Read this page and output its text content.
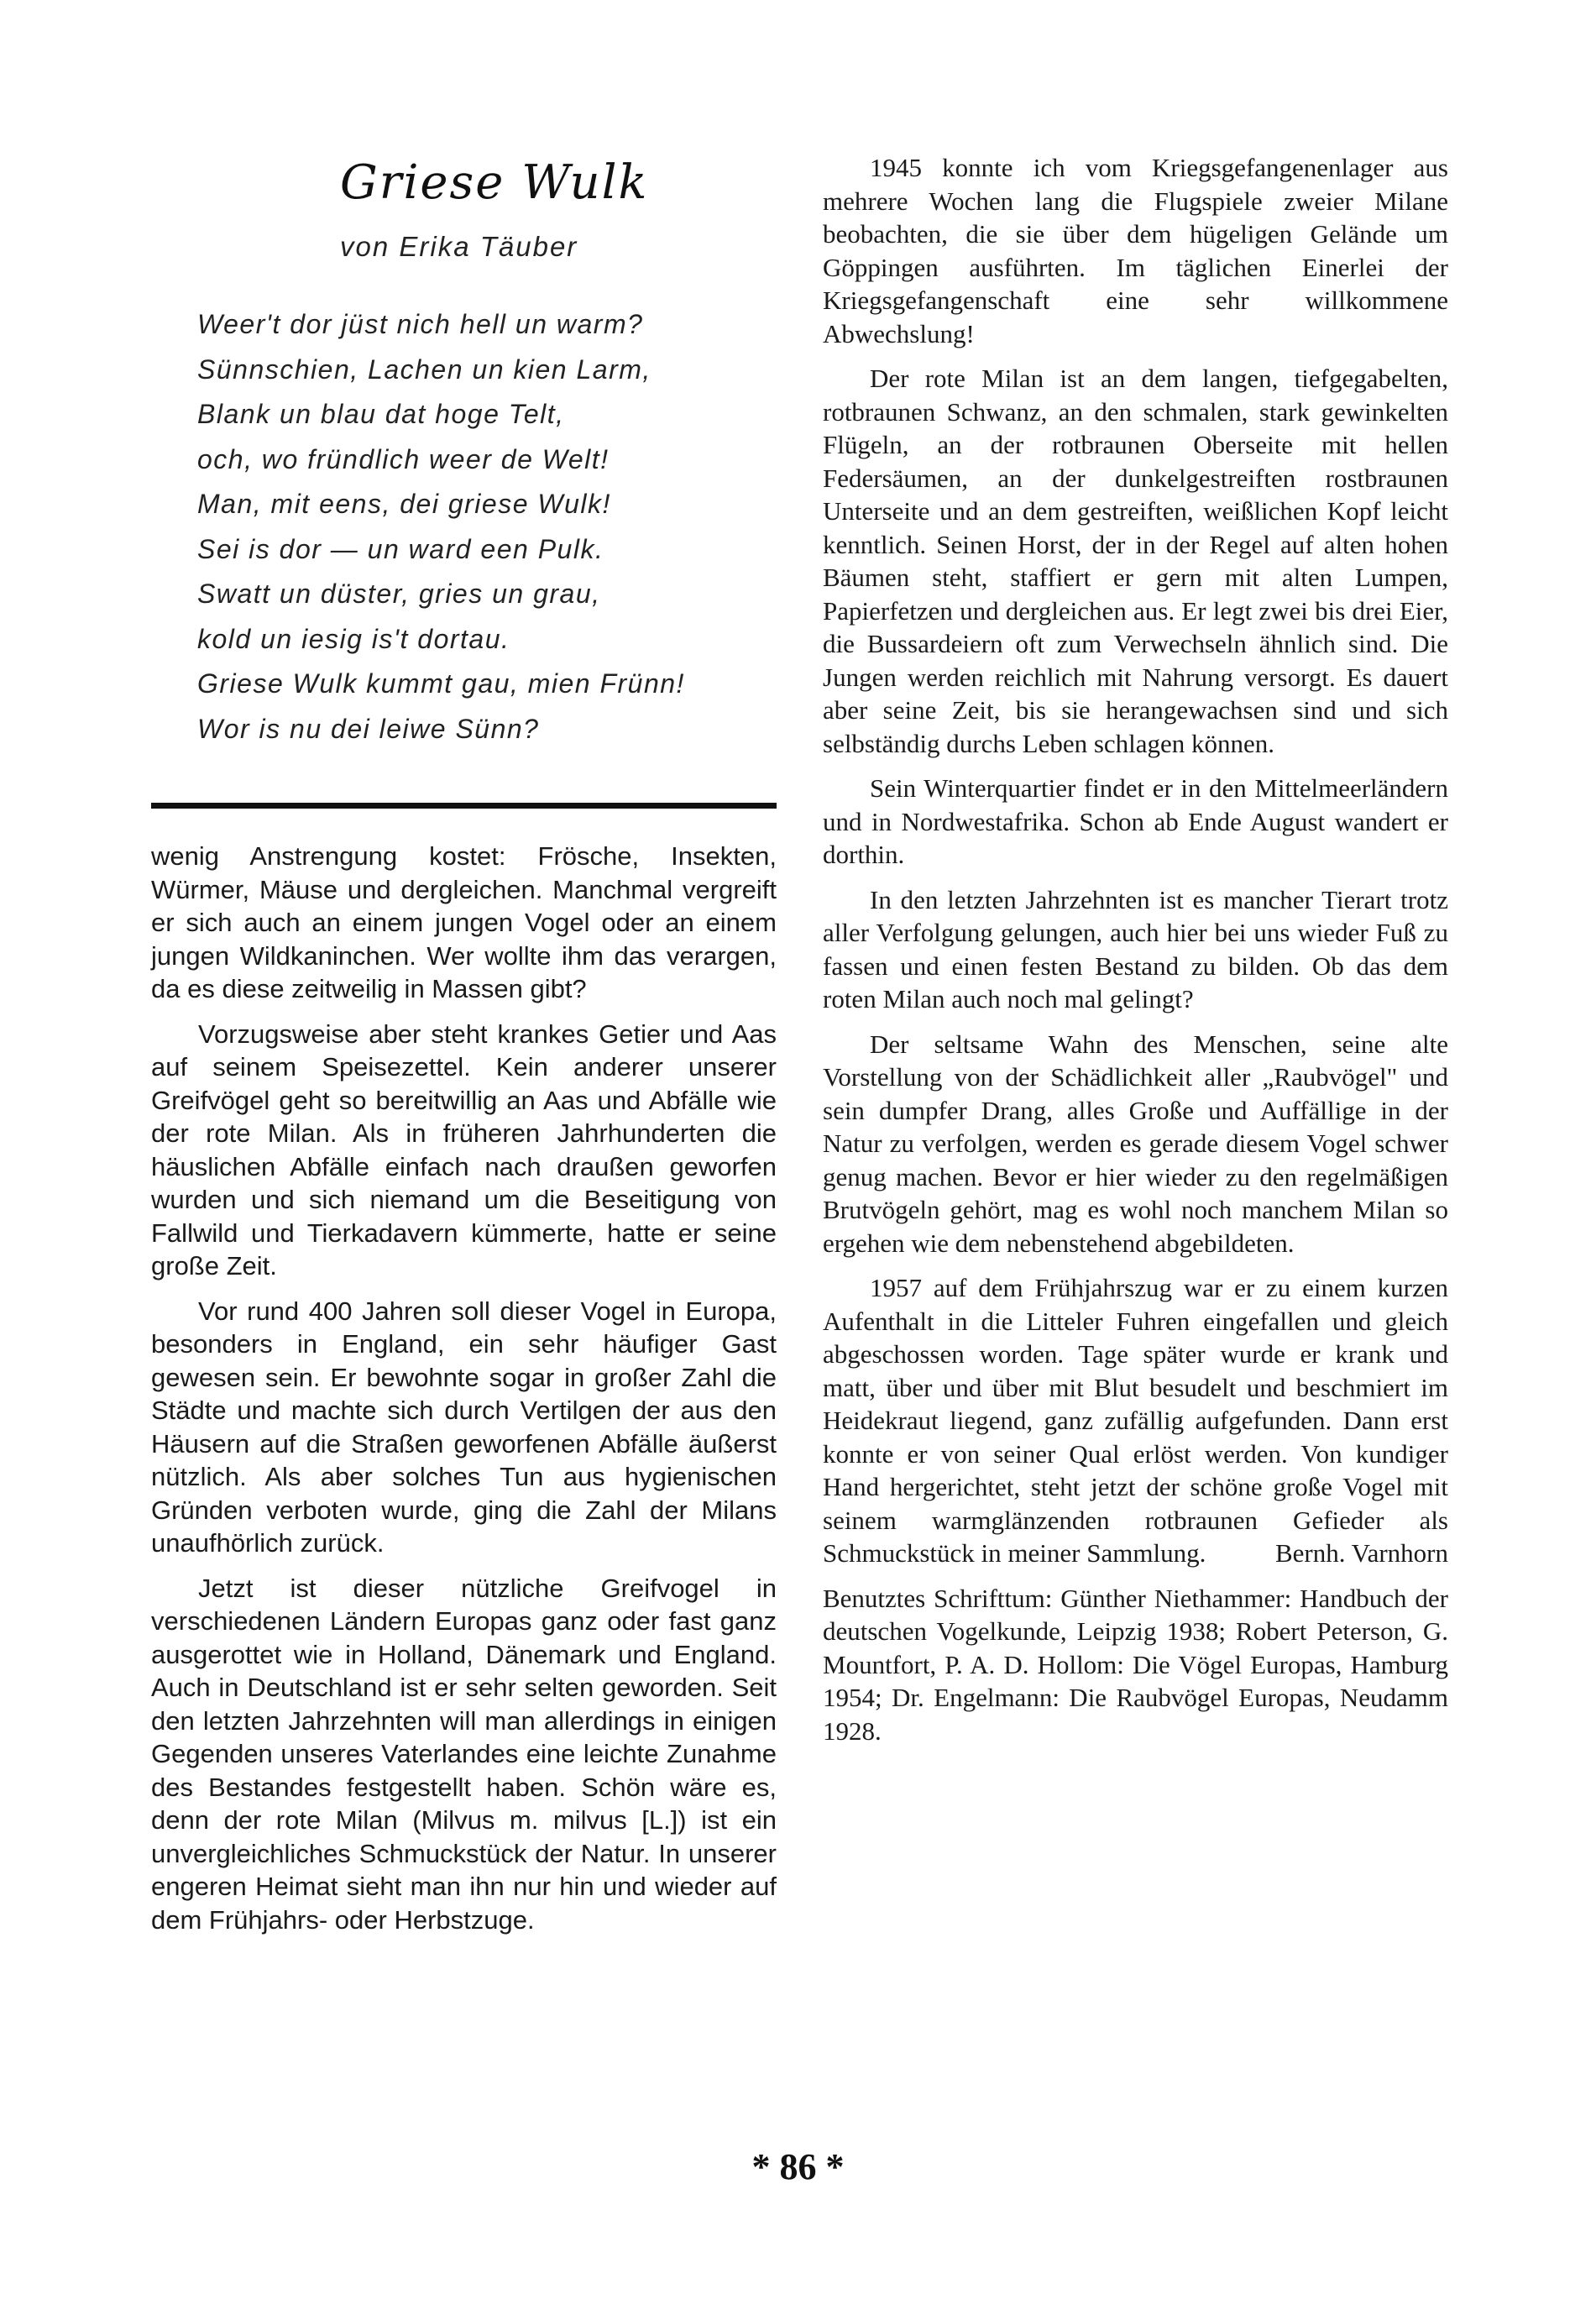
Griese Wulk
von Erika Täuber
Weer't dor jüst nich hell un warm?
Sünnschien, Lachen un kien Larm,
Blank un blau dat hoge Telt,
och, wo fründlich weer de Welt!
Man, mit eens, dei griese Wulk!
Sei is dor — un ward een Pulk.
Swatt un düster, gries un grau,
kold un iesig is't dortau.
Griese Wulk kummt gau, mien Frünn!
Wor is nu dei leiwe Sünn?

wenig Anstrengung kostet: Frösche, Insekten, Würmer, Mäuse und dergleichen. Manchmal vergreift er sich auch an einem jungen Vogel oder an einem jungen Wildkaninchen. Wer wollte ihm das verargen, da es diese zeitweilig in Massen gibt?

Vorzugsweise aber steht krankes Getier und Aas auf seinem Speisezettel. Kein anderer unserer Greifvögel geht so bereitwillig an Aas und Abfälle wie der rote Milan. Als in früheren Jahrhunderten die häuslichen Abfälle einfach nach draußen geworfen wurden und sich niemand um die Beseitigung von Fallwild und Tierkadavern kümmerte, hatte er seine große Zeit.

Vor rund 400 Jahren soll dieser Vogel in Europa, besonders in England, ein sehr häufiger Gast gewesen sein. Er bewohnte sogar in großer Zahl die Städte und machte sich durch Vertilgen der aus den Häusern auf die Straßen geworfenen Abfälle äußerst nützlich. Als aber solches Tun aus hygienischen Gründen verboten wurde, ging die Zahl der Milans unaufhörlich zurück.

Jetzt ist dieser nützliche Greifvogel in verschiedenen Ländern Europas ganz oder fast ganz ausgerottet wie in Holland, Dänemark und England. Auch in Deutschland ist er sehr selten geworden. Seit den letzten Jahrzehnten will man allerdings in einigen Gegenden unseres Vaterlandes eine leichte Zunahme des Bestandes festgestellt haben. Schön wäre es, denn der rote Milan (Milvus m. milvus [L.]) ist ein unvergleichliches Schmuckstück der Natur. In unserer engeren Heimat sieht man ihn nur hin und wieder auf dem Frühjahrs- oder Herbstzuge.

1945 konnte ich vom Kriegsgefangenenlager aus mehrere Wochen lang die Flugspiele zweier Milane beobachten, die sie über dem hügeligen Gelände um Göppingen ausführten. Im täglichen Einerlei der Kriegsgefangenschaft eine sehr willkommene Abwechslung!

Der rote Milan ist an dem langen, tiefgegabelten, rotbraunen Schwanz, an den schmalen, stark gewinkelten Flügeln, an der rotbraunen Oberseite mit hellen Federsäumen, an der dunkelgestreiften rostbraunen Unterseite und an dem gestreiften, weißlichen Kopf leicht kenntlich. Seinen Horst, der in der Regel auf alten hohen Bäumen steht, staffiert er gern mit alten Lumpen, Papierfetzen und dergleichen aus. Er legt zwei bis drei Eier, die Bussardeiern oft zum Verwechseln ähnlich sind. Die Jungen werden reichlich mit Nahrung versorgt. Es dauert aber seine Zeit, bis sie herangewachsen sind und sich selbständig durchs Leben schlagen können.

Sein Winterquartier findet er in den Mittelmeerländern und in Nordwestafrika. Schon ab Ende August wandert er dorthin.

In den letzten Jahrzehnten ist es mancher Tierart trotz aller Verfolgung gelungen, auch hier bei uns wieder Fuß zu fassen und einen festen Bestand zu bilden. Ob das dem roten Milan auch noch mal gelingt?

Der seltsame Wahn des Menschen, seine alte Vorstellung von der Schädlichkeit aller „Raubvögel" und sein dumpfer Drang, alles Große und Auffällige in der Natur zu verfolgen, werden es gerade diesem Vogel schwer genug machen. Bevor er hier wieder zu den regelmäßigen Brutvögeln gehört, mag es wohl noch manchem Milan so ergehen wie dem nebenstehend abgebildeten.

1957 auf dem Frühjahrszug war er zu einem kurzen Aufenthalt in die Litteler Fuhren eingefallen und gleich abgeschossen worden. Tage später wurde er krank und matt, über und über mit Blut besudelt und beschmiert im Heidekraut liegend, ganz zufällig aufgefunden. Dann erst konnte er von seiner Qual erlöst werden. Von kundiger Hand hergerichtet, steht jetzt der schöne große Vogel mit seinem warmglänzenden rotbraunen Gefieder als Schmuckstück in meiner Sammlung.	Bernh. Varnhorn

Benutztes Schrifttum: Günther Niethammer: Handbuch der deutschen Vogelkunde, Leipzig 1938; Robert Peterson, G. Mountfort, P. A. D. Hollom: Die Vögel Europas, Hamburg 1954; Dr. Engelmann: Die Raubvögel Europas, Neudamm 1928.

* 86 *
